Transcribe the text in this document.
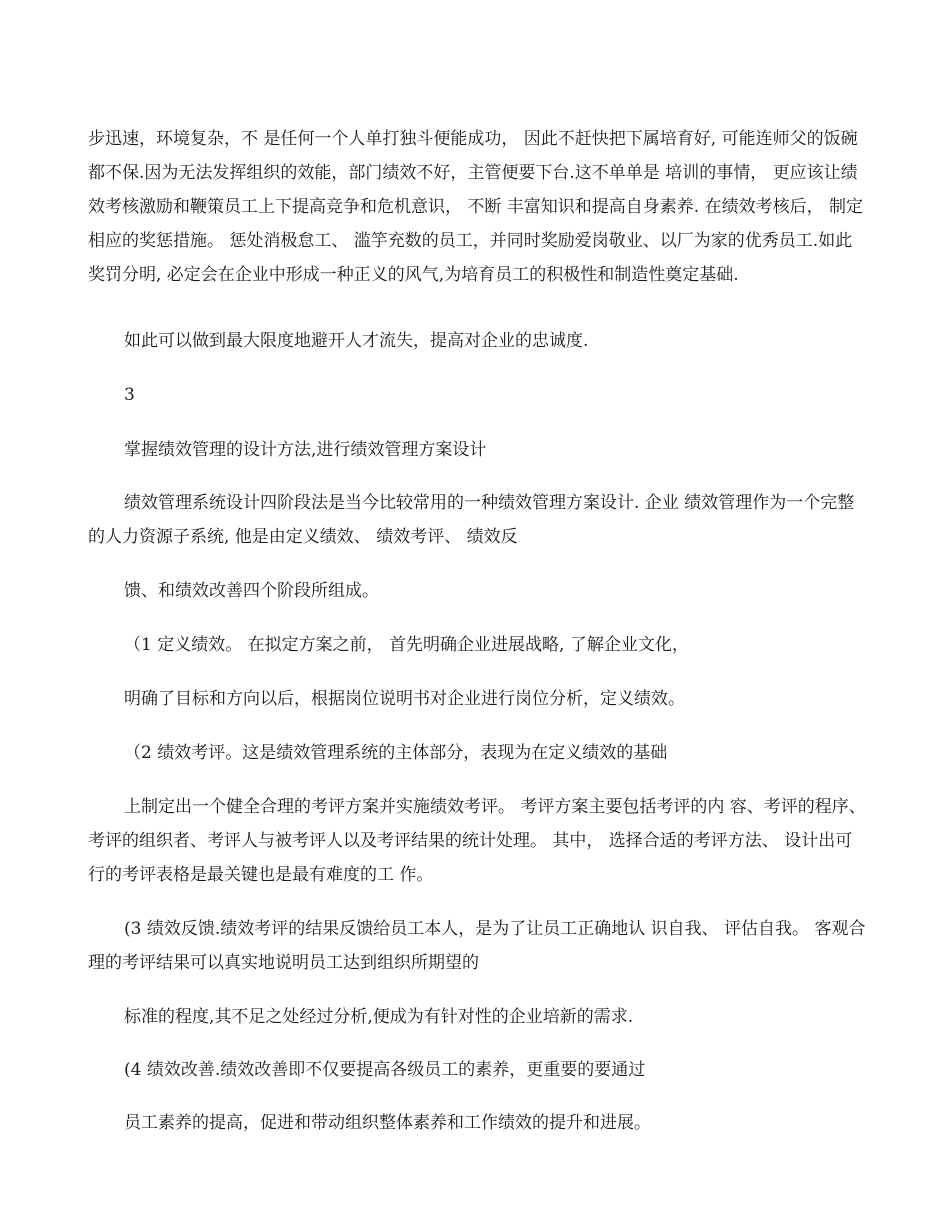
步迅速，环境复杂，不 是任何一个人单打独斗便能成功， 因此不赶快把下属培育好, 可能连师父的饭碗 都不保.因为无法发挥组织的效能，部门绩效不好，主管便要下台.这不单单是 培训的事情， 更应该让绩效考核激励和鞭策员工上下提高竞争和危机意识， 不断 丰富知识和提高自身素养. 在绩效考核后， 制定相应的奖惩措施。 惩处消极怠工、 滥竽充数的员工，并同时奖励爱岗敬业、以厂为家的优秀员工.如此奖罚分明, 必定会在企业中形成一种正义的风气,为培育员工的积极性和制造性奠定基础.

如此可以做到最大限度地避开人才流失，提高对企业的忠诚度.

3

掌握绩效管理的设计方法,进行绩效管理方案设计

绩效管理系统设计四阶段法是当今比较常用的一种绩效管理方案设计. 企业 绩效管理作为一个完整的人力资源子系统, 他是由定义绩效、 绩效考评、 绩效反

馈、和绩效改善四个阶段所组成。

（1 定义绩效。 在拟定方案之前， 首先明确企业进展战略, 了解企业文化，

明确了目标和方向以后，根据岗位说明书对企业进行岗位分析，定义绩效。

（2 绩效考评。这是绩效管理系统的主体部分，表现为在定义绩效的基础

上制定出一个健全合理的考评方案并实施绩效考评。 考评方案主要包括考评的内 容、考评的程序、考评的组织者、考评人与被考评人以及考评结果的统计处理。 其中， 选择合适的考评方法、 设计出可行的考评表格是最关键也是最有难度的工 作。

(3 绩效反馈.绩效考评的结果反馈给员工本人，是为了让员工正确地认 识自我、 评估自我。 客观合理的考评结果可以真实地说明员工达到组织所期望的

标准的程度,其不足之处经过分析,便成为有针对性的企业培新的需求.

(4 绩效改善.绩效改善即不仅要提高各级员工的素养，更重要的要通过

员工素养的提高，促进和带动组织整体素养和工作绩效的提升和进展。
